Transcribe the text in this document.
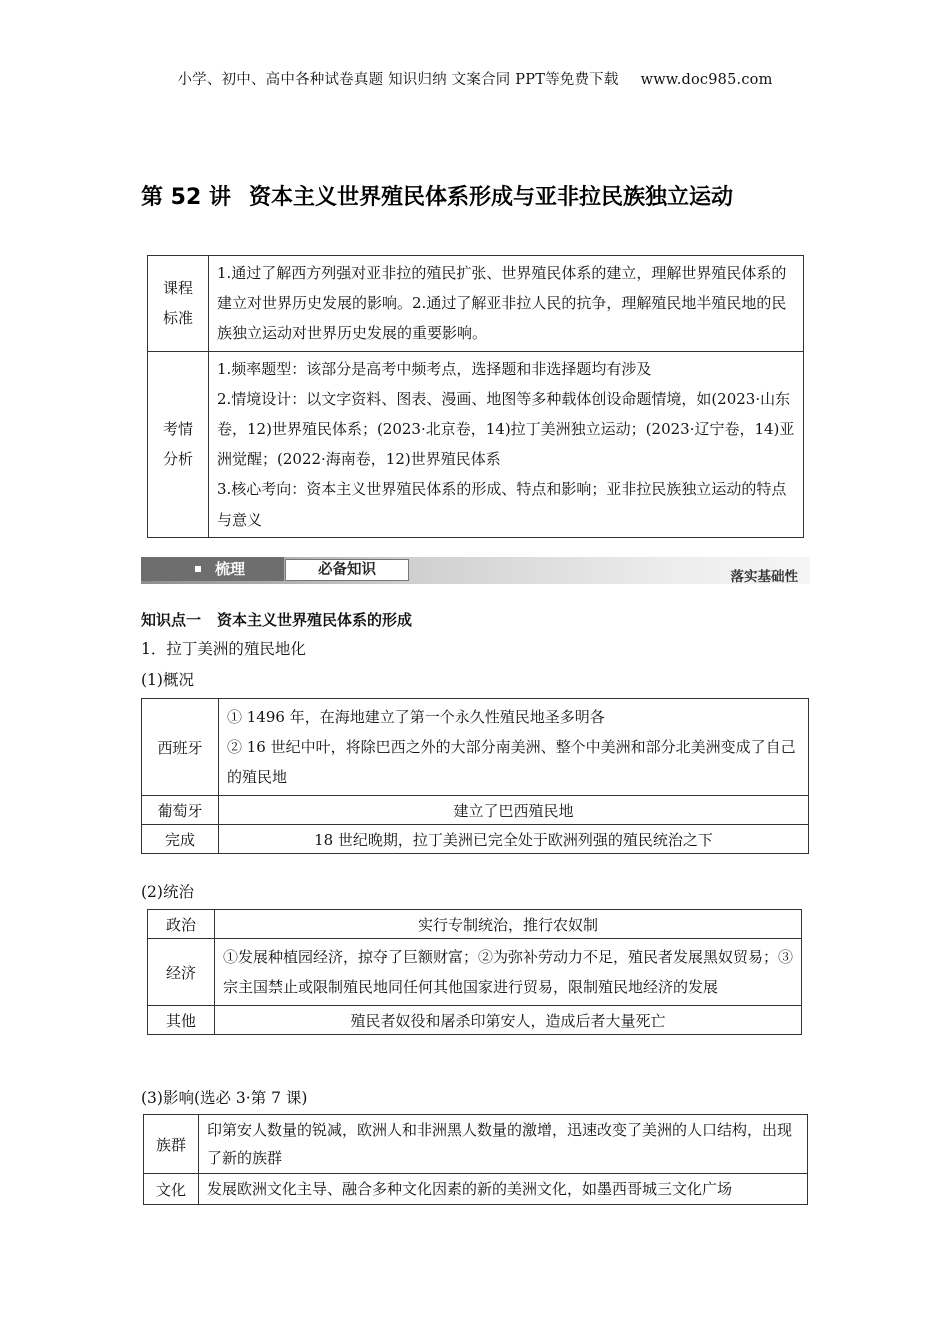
小学、初中、高中各种试卷真题 知识归纳 文案合同 PPT等免费下载 www.doc985.com
第 52 讲 资本主义世界殖民体系形成与亚非拉民族独立运动
课程标准	1.通过了解西方列强对亚非拉的殖民扩张、世界殖民体系的建立，理解世界殖民体系的建立对世界历史发展的影响。2.通过了解亚非拉人民的抗争，理解殖民地半殖民地的民族独立运动对世界历史发展的重要影响。
考情分析	1.频率题型：该部分是高考中频考点，选择题和非选择题均有涉及
2.情境设计：以文字资料、图表、漫画、地图等多种载体创设命题情境，如(2023·山东卷，12)世界殖民体系；(2023·北京卷，14)拉丁美洲独立运动；(2023·辽宁卷，14)亚洲觉醒；(2022·海南卷，12)世界殖民体系
3.核心考向：资本主义世界殖民体系的形成、特点和影响；亚非拉民族独立运动的特点与意义
梳理	必备知识	落实基础性
知识点一 资本主义世界殖民体系的形成
1．拉丁美洲的殖民地化
(1)概况
西班牙	① 1496 年，在海地建立了第一个永久性殖民地圣多明各
② 16 世纪中叶，将除巴西之外的大部分南美洲、整个中美洲和部分北美洲变成了自己的殖民地

葡萄牙	建立了巴西殖民地
完成	18 世纪晚期，拉丁美洲已完全处于欧洲列强的殖民统治之下
(2)统治
政治	实行专制统治，推行农奴制
经济	①发展种植园经济，掠夺了巨额财富；②为弥补劳动力不足，殖民者发展黑奴贸易；③宗主国禁止或限制殖民地同任何其他国家进行贸易，限制殖民地经济的发展
其他	殖民者奴役和屠杀印第安人，造成后者大量死亡
(3)影响(选必 3·第 7 课)
族群	印第安人数量的锐减，欧洲人和非洲黑人数量的激增，迅速改变了美洲的人口结构，出现了新的族群
文化	发展欧洲文化主导、融合多种文化因素的新的美洲文化，如墨西哥城三文化广场
